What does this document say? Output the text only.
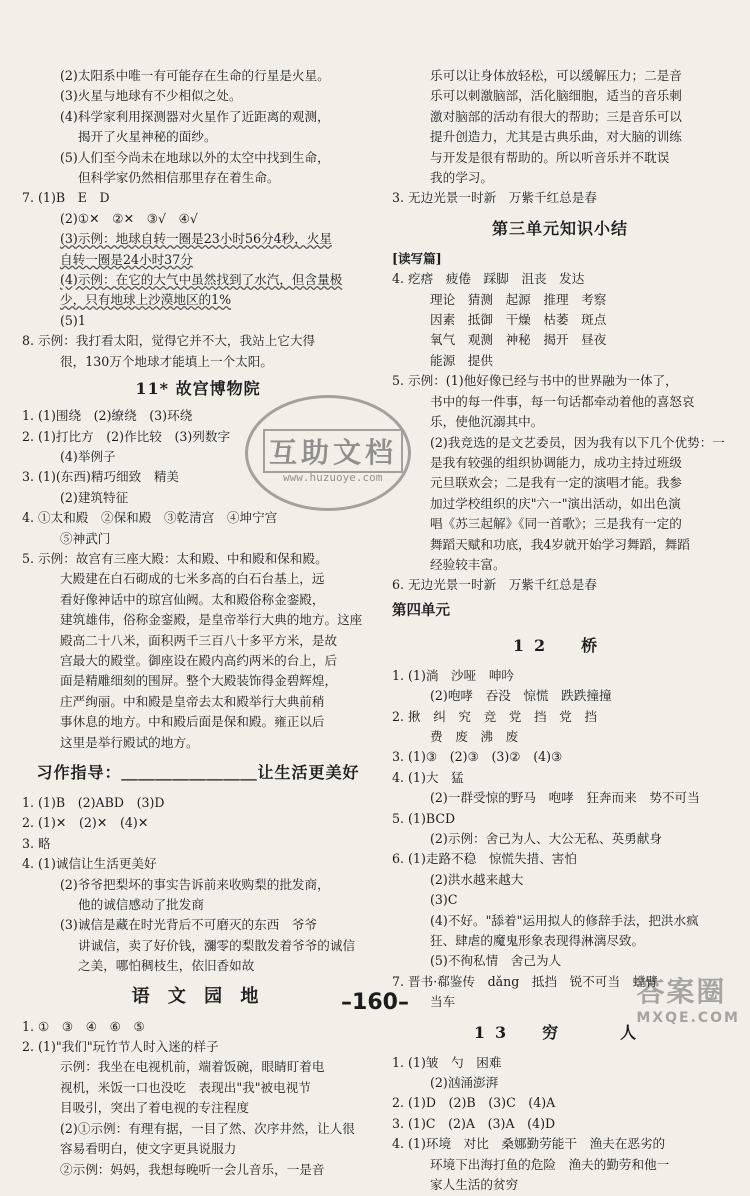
(2)太阳系中唯一有可能存在生命的行星是火星。
(3)火星与地球有不少相似之处。
(4)科学家利用探测器对火星作了近距离的观测，
揭开了火星神秘的面纱。
(5)人们至今尚未在地球以外的太空中找到生命，
但科学家仍然相信那里存在着生命。
7. (1)B　E　D
(2)①✕　②✕　③√　④√
(3)示例：地球自转一圈是23小时56分4秒，火星
自转一圈是24小时37分
(4)示例：在它的大气中虽然找到了水汽，但含量极
少，只有地球上沙漠地区的1%
(5)1
8. 示例：我打看太阳，觉得它并不大，我站上它大得
很，130万个地球才能填上一个太阳。
11* 故宫博物院
1. (1)围绕　(2)缭绕　(3)环绕
2. (1)打比方　(2)作比较　(3)列数字
(4)举例子
3. (1)(东西)精巧细致　精美
(2)建筑特征
4. ①太和殿　②保和殿　③乾清宫　④坤宁宫
⑤神武门
5. 示例：故宫有三座大殿：太和殿、中和殿和保和殿。
大殿建在白石砌成的七米多高的白石台基上，远
看好像神话中的琼宫仙阙。太和殿俗称金銮殿，
建筑雄伟，俗称金銮殿，是皇帝举行大典的地方。这座
殿高二十八米，面积两千三百八十多平方米，是故
宫最大的殿堂。御座设在殿内高约两米的台上，后
面是精雕细刻的围屏。整个大殿装饰得金碧辉煌，
庄严绚丽。中和殿是皇帝去太和殿举行大典前稍
事休息的地方。中和殿后面是保和殿。雍正以后
这里是举行殿试的地方。
习作指导：＿＿＿＿＿＿＿＿让生活更美好
1. (1)B　(2)ABD　(3)D
2. (1)✕　(2)✕　(4)✕
3. 略
4. (1)诚信让生活更美好
(2)爷爷把梨坏的事实告诉前来收购梨的批发商，
他的诚信感动了批发商
(3)诚信是藏在时光背后不可磨灭的东西　爷爷
讲诚信，卖了好价钱，瀰零的梨散发着爷爷的诚信
之美，哪怕稠枝生，依旧香如故
语 文 园 地
1. ①　③　④　⑥　⑤
2. (1)"我们"玩竹节人时入迷的样子
示例：我坐在电视机前，端着饭碗，眼睛盯着电
视机，米饭一口也没吃　表现出"我"被电视节
目吸引，突出了着电视的专注程度
(2)①示例：有理有据，一目了然、次序井然，让人很
容易看明白，使文字更具说服力
②示例：妈妈，我想每晚听一会儿音乐，一是音
乐可以让身体放轻松，可以缓解压力；二是音
乐可以刺激脑部，活化脑细胞，适当的音乐刺
激对脑部的活动有很大的帮助；三是音乐可以
提升创造力，尤其是古典乐曲，对大脑的训练
与开发是很有帮助的。所以听音乐并不耽误
我的学习。
3. 无边光景一时新　万紫千红总是春
第三单元知识小结
[读写篇]
4. 疙瘩　疲倦　踩脚　沮丧　发达
理论　猜测　起源　推理　考察
因素　抵御　干燥　枯萎　斑点
氧气　观测　神秘　揭开　昼夜
能源　提供
5. 示例：(1)他好像已经与书中的世界融为一体了，
书中的每一件事，每一句话都牵动着他的喜怒哀
乐，使他沉溺其中。
(2)我竞选的是文艺委员，因为我有以下几个优势：一
是我有较强的组织协调能力，成功主持过班级
元旦联欢会；二是我有一定的演唱才能。我参
加过学校组织的庆"六一"演出活动，如出色演
唱《苏三起解》《同一首歌》；三是我有一定的
舞蹈天赋和功底，我4岁就开始学习舞蹈，舞蹈
经验较丰富。
6. 无边光景一时新　万紫千红总是春
第四单元
12　桥
1. (1)淌　沙哑　呻吟
(2)咆哮　吞没　惊慌　跌跌撞撞
2. 揪　纠　究　竞　党　挡　党　挡
费　废　沸　废
3. (1)③　(2)③　(3)②　(4)③
4. (1)大　猛
(2)一群受惊的野马　咆哮　狂奔而来　势不可当
5. (1)BCD
(2)示例：舍己为人、大公无私、英勇献身
6. (1)走路不稳　惊慌失措、害怕
(2)洪水越来越大
(3)C
(4)不好。"舔着"运用拟人的修辞手法，把洪水疯
狂、肆虐的魔鬼形象表现得淋漓尽致。
(5)不徇私情　舍己为人
7. 晋书·郗鉴传　dǎng　抵挡　锐不可当　螳臂
当车
13　穷　　人
1. (1)皱　勺　困难
(2)汹涌澎湃
2. (1)D　(2)B　(3)C　(4)A
3. (1)C　(2)A　(3)A　(4)D
4. (1)环境　对比　桑娜勤劳能干　渔夫在恶劣的
环境下出海打鱼的危险　渔夫的勤劳和他一
家人生活的贫穷
互助文档
www.huzuoye.com
答案圈
MXQE.COM
–160–
